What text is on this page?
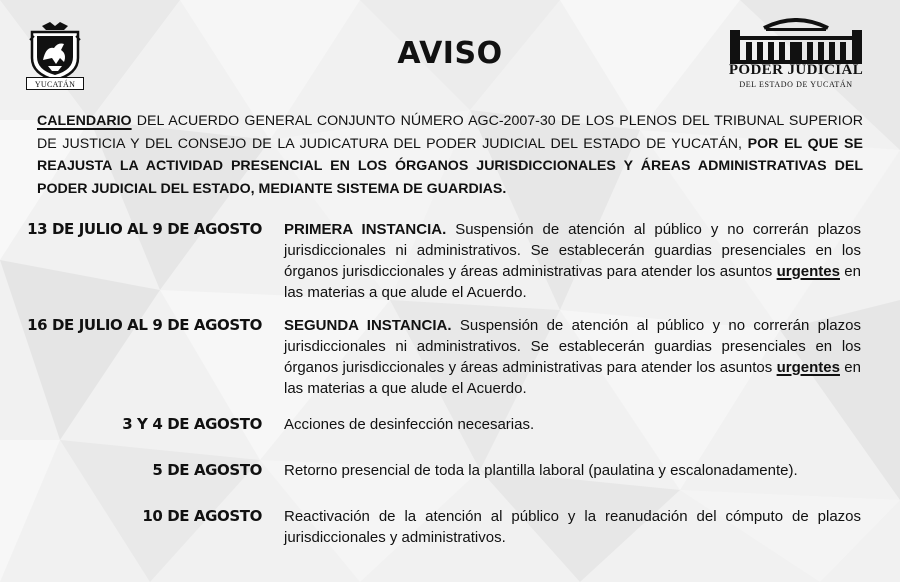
YUCATÁN
AVISO	PODER JUDICIAL
DEL ESTADO DE YUCATÁN
CALENDARIO DEL ACUERDO GENERAL CONJUNTO NÚMERO AGC-2007-30 DE LOS PLENOS DEL TRIBUNAL SUPERIOR DE JUSTICIA Y DEL CONSEJO DE LA JUDICATURA DEL PODER JUDICIAL DEL ESTADO DE YUCATÁN, POR EL QUE SE REAJUSTA LA ACTIVIDAD PRESENCIAL EN LOS ÓRGANOS JURISDICCIONALES Y ÁREAS ADMINISTRATIVAS DEL PODER JUDICIAL DEL ESTADO, MEDIANTE SISTEMA DE GUARDIAS.
13 DE JULIO AL 9 DE AGOSTO PRIMERA INSTANCIA. Suspensión de atención al público y no correrán plazos jurisdiccionales ni administrativos. Se establecerán guardias presenciales en los órganos jurisdiccionales y áreas administrativas para atender los asuntos urgentes en las materias a que alude el Acuerdo.
16 DE JULIO AL 9 DE AGOSTO SEGUNDA INSTANCIA. Suspensión de atención al público y no correrán plazos jurisdiccionales ni administrativos. Se establecerán guardias presenciales en los órganos jurisdiccionales y áreas administrativas para atender los asuntos urgentes en las materias a que alude el Acuerdo.
3 Y 4 DE AGOSTO Acciones de desinfección necesarias.
5 DE AGOSTO Retorno presencial de toda la plantilla laboral (paulatina y escalonadamente).
10 DE AGOSTO Reactivación de la atención al público y la reanudación del cómputo de plazos jurisdiccionales y administrativos.
